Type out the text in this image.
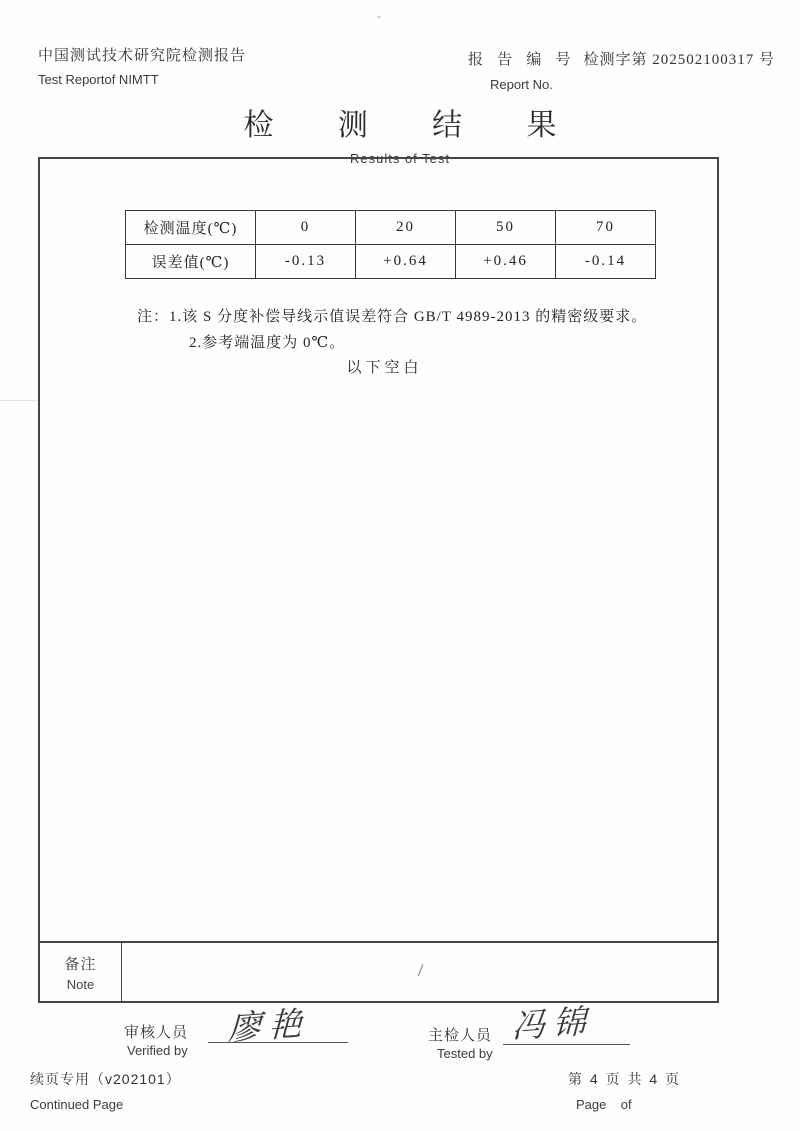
中国测试技术研究院检测报告
Test Reportof NIMTT
报 告 编 号 检测字第 202502100317 号
Report No.
检 测 结 果
Results of Test
检测温度(℃)	0	20	50	70
误差值(℃)	-0.13	+0.64	+0.46	-0.14
注：1.该 S 分度补偿导线示值误差符合 GB/T 4989-2013 的精密级要求。
2.参考端温度为 0℃。
以下空白
备注
Note
/
审核人员
Verified by
廖艳	主检人员
Tested by
冯锦
续页专用（v202101）
Continued Page
第 4 页 共 4 页
Page    of
